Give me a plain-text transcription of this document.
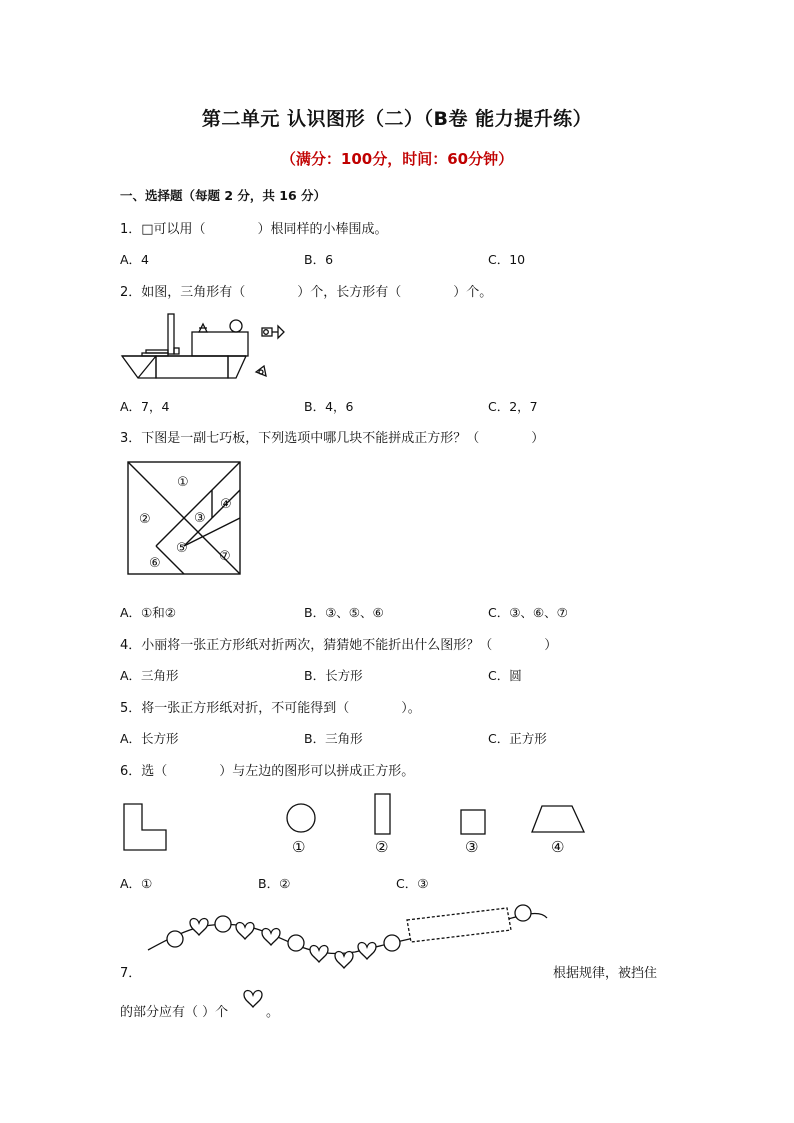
第二单元 认识图形（二）（B卷 能力提升练）
（满分：100分，时间：60分钟）
一、选择题（每题 2 分，共 16 分）
1．□可以用（　　　　）根同样的小棒围成。
A．4	B．6	C．10
2．如图，三角形有（　　　　）个，长方形有（　　　　）个。
A．7，4	B．4，6	C．2，7
3．下图是一副七巧板，下列选项中哪几块不能拼成正方形？（　　　　）
①
②	③
④
⑤
⑥	⑦
A．①和②	B．③、⑤、⑥	C．③、⑥、⑦
4．小丽将一张正方形纸对折两次，猜猜她不能折出什么图形？（　　　　）
A．三角形	B．长方形	C．圆
5．将一张正方形纸对折，不可能得到（　　　　）。
A．长方形	B．三角形	C．正方形
6．选（　　　　）与左边的图形可以拼成正方形。
①	②	③	④
A．①	B．②	C．③
7．	根据规律，被挡住
的部分应有（ ）个	。
